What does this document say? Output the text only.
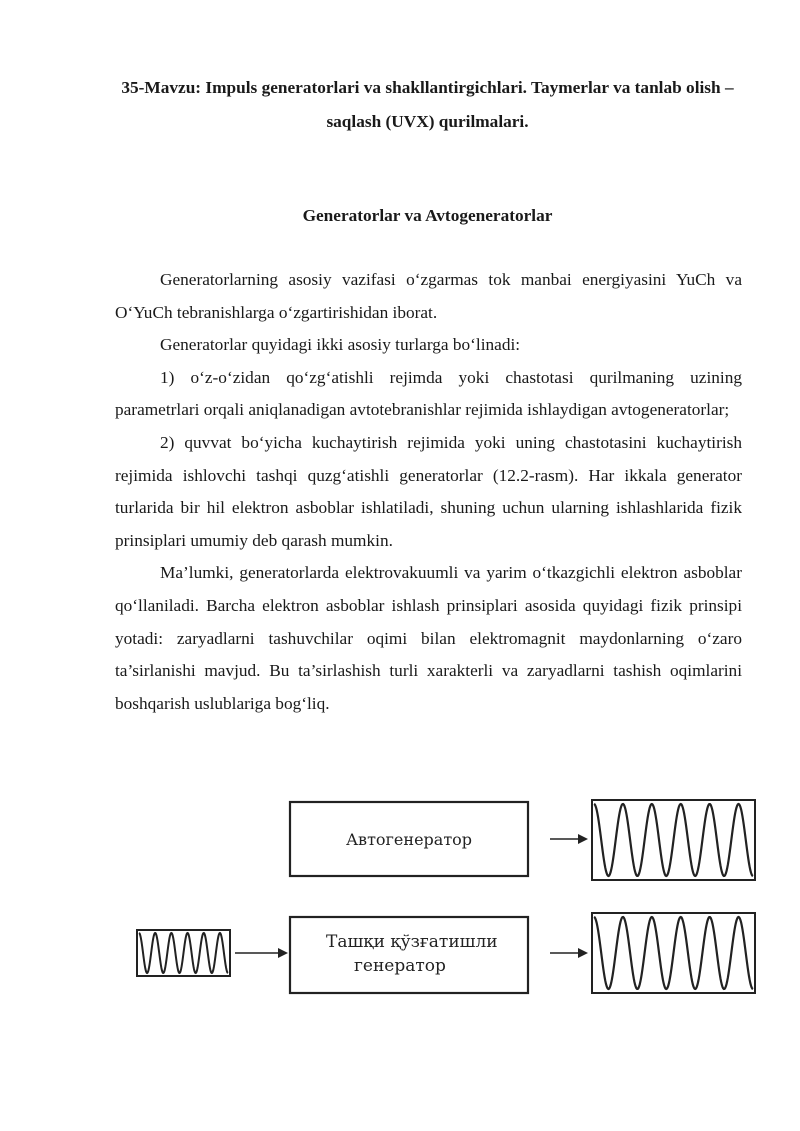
35-Mavzu: Impuls generatorlari va shakllantirgichlari. Taymerlar va tanlab olish – saqlash (UVX) qurilmalari.
Generatorlar va Avtogeneratorlar

Generatorlarning asosiy vazifasi o‘zgarmas tok manbai energiyasini YuCh va O‘YuCh tebranishlarga o‘zgartirishidan iborat.

Generatorlar quyidagi ikki asosiy turlarga bo‘linadi:

1) o‘z-o‘zidan qo‘zg‘atishli rejimda yoki chastotasi qurilmaning uzining parametrlari orqali aniqlanadigan avtotebranishlar rejimida ishlaydigan avtogeneratorlar;

2) quvvat bo‘yicha kuchaytirish rejimida yoki uning chastotasini kuchaytirish rejimida ishlovchi tashqi quzg‘atishli generatorlar (12.2-rasm). Har ikkala generator turlarida bir hil elektron asboblar ishlatiladi, shuning uchun ularning ishlashlarida fizik prinsiplari umumiy deb qarash mumkin.

Ma’lumki, generatorlarda elektrovakuumli va yarim o‘tkazgichli elektron asboblar qo‘llaniladi. Barcha elektron asboblar ishlash prinsiplari asosida quyidagi fizik prinsipi yotadi: zaryadlarni tashuvchilar oqimi bilan elektromagnit maydonlarning o‘zaro ta’sirlanishi mavjud. Bu ta’sirlashish turli xarakterli va zaryadlarni tashish oqimlarini boshqarish uslublariga bog‘liq.

Автогенератор
Ташқи қўзғатишли
генератор
